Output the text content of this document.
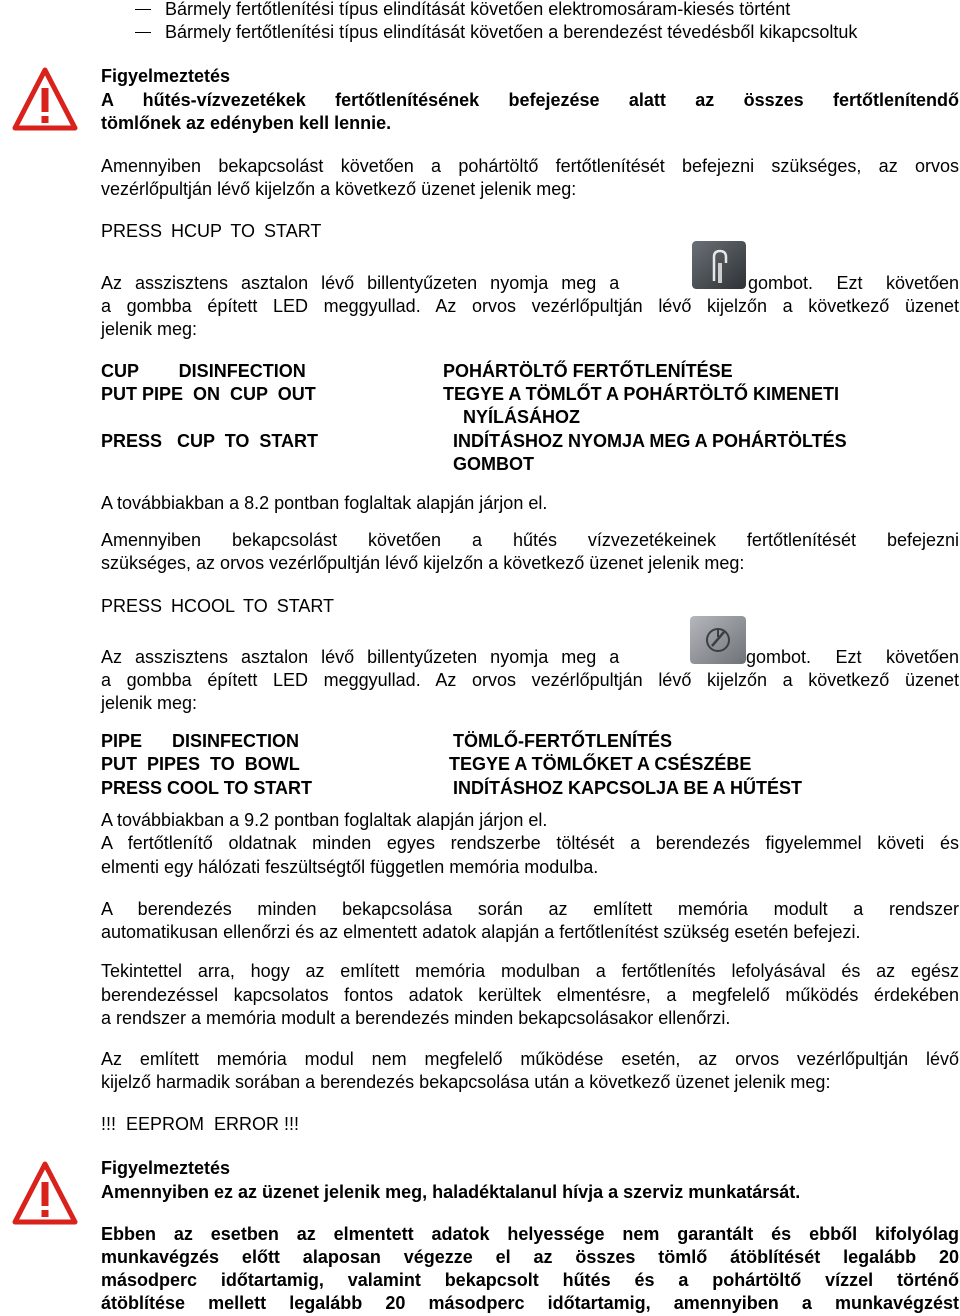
Bármely fertőtlenítési típus elindítását követően elektromosáram-kiesés történt
Bármely fertőtlenítési típus elindítását követően a berendezést tévedésből kikapcsoltuk
Figyelmeztetés
A hűtés-vízvezetékek fertőtlenítésének befejezése alatt az összes fertőtlenítendő
tömlőnek az edényben kell lennie.
Amennyiben bekapcsolást követően a pohártöltő fertőtlenítését befejezni szükséges, az orvos
vezérlőpultján lévő kijelzőn a következő üzenet jelenik meg:
PRESS HCUP TO START
Az asszisztens asztalon lévő billentyűzeten nyomja meg a	gombot. Ezt követően
a gombba épített LED meggyullad. Az orvos vezérlőpultján lévő kijelzőn a következő üzenet
jelenik meg:
CUP        DISINFECTION	POHÁRTÖLTŐ FERTŐTLENÍTÉSE
PUT PIPE  ON  CUP  OUT	TEGYE A TÖMLŐT A POHÁRTÖLTŐ KIMENETI
NYÍLÁSÁHOZ
PRESS   CUP  TO  START	INDÍTÁSHOZ NYOMJA MEG A POHÁRTÖLTÉS
GOMBOT
A továbbiakban a 8.2 pontban foglaltak alapján járjon el.
Amennyiben bekapcsolást követően a hűtés vízvezetékeinek fertőtlenítését befejezni
szükséges, az orvos vezérlőpultján lévő kijelzőn a következő üzenet jelenik meg:
PRESS HCOOL TO START
Az asszisztens asztalon lévő billentyűzeten nyomja meg a	gombot. Ezt követően
a gombba épített LED meggyullad. Az orvos vezérlőpultján lévő kijelzőn a következő üzenet
jelenik meg:
PIPE      DISINFECTION	TÖMLŐ-FERTŐTLENÍTÉS
PUT  PIPES  TO  BOWL	TEGYE A TÖMLŐKET A CSÉSZÉBE
PRESS COOL TO START	INDÍTÁSHOZ KAPCSOLJA BE A HŰTÉST
A továbbiakban a 9.2 pontban foglaltak alapján járjon el.
A fertőtlenítő oldatnak minden egyes rendszerbe töltését a berendezés figyelemmel követi és
elmenti egy hálózati feszültségtől független memória modulba.
A berendezés minden bekapcsolása során az említett memória modult a rendszer
automatikusan ellenőrzi és az elmentett adatok alapján a fertőtlenítést szükség esetén befejezi.
Tekintettel arra, hogy az említett memória modulban a fertőtlenítés lefolyásával és az egész
berendezéssel kapcsolatos fontos adatok kerültek elmentésre, a megfelelő működés érdekében
a rendszer a memória modult a berendezés minden bekapcsolásakor ellenőrzi.
Az említett memória modul nem megfelelő működése esetén, az orvos vezérlőpultján lévő
kijelző harmadik sorában a berendezés bekapcsolása után a következő üzenet jelenik meg:
!!!  EEPROM  ERROR !!!
Figyelmeztetés
Amennyiben ez az üzenet jelenik meg, haladéktalanul hívja a szerviz munkatársát.
Ebben az esetben az elmentett adatok helyessége nem garantált és ebből kifolyólag
munkavégzés előtt alaposan végezze el az összes tömlő átöblítését legalább 20
másodperc időtartamig, valamint bekapcsolt hűtés és a pohártöltő vízzel történő
átöblítése mellett legalább 20 másodperc időtartamig, amennyiben a munkavégzést
